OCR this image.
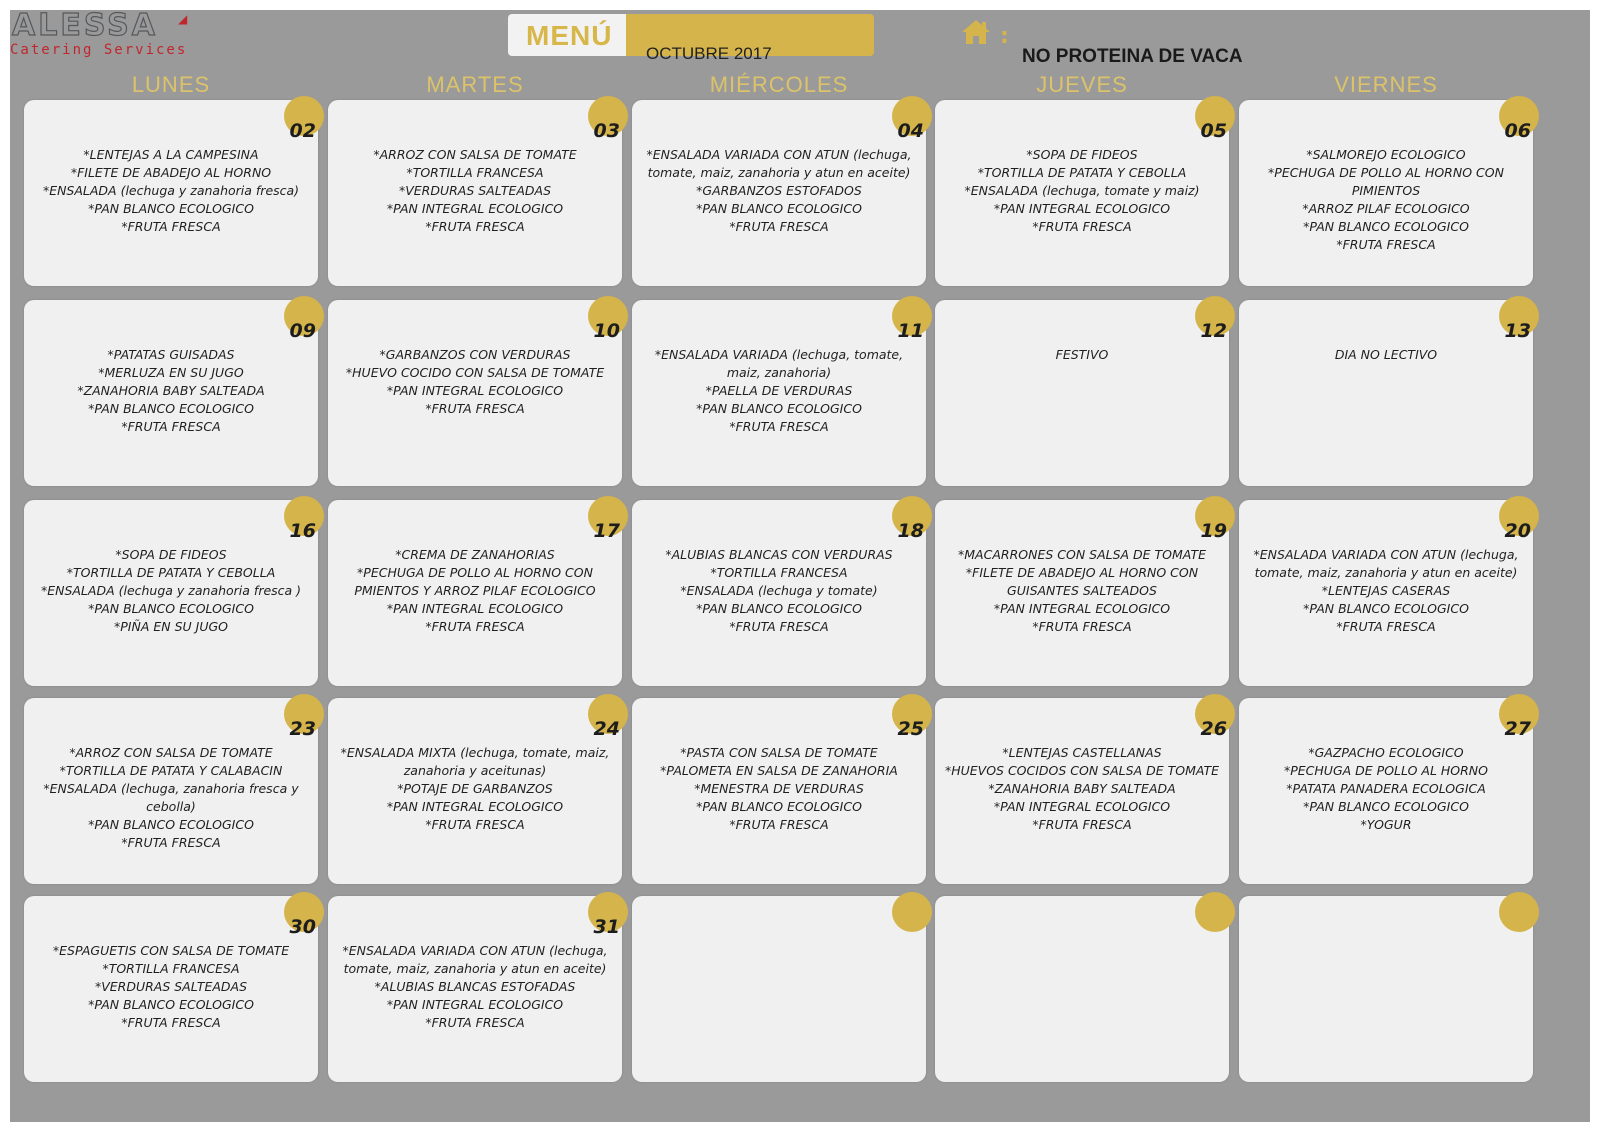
ALESSA ◢
Catering Services	MENÚ
OCTUBRE 2017
:
NO PROTEINA DE VACA
LUNES	MARTES	MIÉRCOLES	JUEVES	VIERNES
02
*LENTEJAS A LA CAMPESINA
*FILETE DE ABADEJO AL HORNO
*ENSALADA (lechuga y zanahoria fresca)
*PAN BLANCO ECOLOGICO
*FRUTA FRESCA
03
*ARROZ CON SALSA DE TOMATE
*TORTILLA FRANCESA
*VERDURAS SALTEADAS
*PAN INTEGRAL ECOLOGICO
*FRUTA FRESCA
04
*ENSALADA VARIADA CON ATUN (lechuga,
tomate, maiz, zanahoria y atun en aceite)
*GARBANZOS ESTOFADOS
*PAN BLANCO ECOLOGICO
*FRUTA FRESCA
05
*SOPA DE FIDEOS
*TORTILLA DE PATATA Y CEBOLLA
*ENSALADA (lechuga, tomate y maiz)
*PAN INTEGRAL ECOLOGICO
*FRUTA FRESCA
06
*SALMOREJO ECOLOGICO
*PECHUGA DE POLLO AL HORNO CON
PIMIENTOS
*ARROZ PILAF ECOLOGICO
*PAN BLANCO ECOLOGICO
*FRUTA FRESCA
09
*PATATAS GUISADAS
*MERLUZA EN SU JUGO
*ZANAHORIA BABY SALTEADA
*PAN BLANCO ECOLOGICO
*FRUTA FRESCA
10
*GARBANZOS CON VERDURAS
*HUEVO COCIDO CON SALSA DE TOMATE
*PAN INTEGRAL ECOLOGICO
*FRUTA FRESCA
11
*ENSALADA VARIADA (lechuga, tomate,
maiz, zanahoria)
*PAELLA DE VERDURAS
*PAN BLANCO ECOLOGICO
*FRUTA FRESCA
12
FESTIVO
13
DIA NO LECTIVO
16
*SOPA DE FIDEOS
*TORTILLA DE PATATA Y CEBOLLA
*ENSALADA (lechuga y zanahoria fresca )
*PAN BLANCO ECOLOGICO
*PIÑA EN SU JUGO
17
*CREMA DE ZANAHORIAS
*PECHUGA DE POLLO AL HORNO CON
PMIENTOS Y ARROZ PILAF ECOLOGICO
*PAN INTEGRAL ECOLOGICO
*FRUTA FRESCA
18
*ALUBIAS BLANCAS CON VERDURAS
*TORTILLA FRANCESA
*ENSALADA (lechuga y tomate)
*PAN BLANCO ECOLOGICO
*FRUTA FRESCA
19
*MACARRONES CON SALSA DE TOMATE
*FILETE DE ABADEJO AL HORNO CON
GUISANTES SALTEADOS
*PAN INTEGRAL ECOLOGICO
*FRUTA FRESCA
20
*ENSALADA VARIADA CON ATUN (lechuga,
tomate, maiz, zanahoria y atun en aceite)
*LENTEJAS CASERAS
*PAN BLANCO ECOLOGICO
*FRUTA FRESCA
23
*ARROZ CON SALSA DE TOMATE
*TORTILLA DE PATATA Y CALABACIN
*ENSALADA (lechuga, zanahoria fresca y
cebolla)
*PAN BLANCO ECOLOGICO
*FRUTA FRESCA
24
*ENSALADA MIXTA (lechuga, tomate, maiz,
zanahoria y aceitunas)
*POTAJE DE GARBANZOS
*PAN INTEGRAL ECOLOGICO
*FRUTA FRESCA
25
*PASTA CON SALSA DE TOMATE
*PALOMETA EN SALSA DE ZANAHORIA
*MENESTRA DE VERDURAS
*PAN BLANCO ECOLOGICO
*FRUTA FRESCA
26
*LENTEJAS CASTELLANAS
*HUEVOS COCIDOS CON SALSA DE TOMATE
*ZANAHORIA BABY SALTEADA
*PAN INTEGRAL ECOLOGICO
*FRUTA FRESCA
27
*GAZPACHO ECOLOGICO
*PECHUGA DE POLLO AL HORNO
*PATATA PANADERA ECOLOGICA
*PAN BLANCO ECOLOGICO
*YOGUR
30
*ESPAGUETIS CON SALSA DE TOMATE
*TORTILLA FRANCESA
*VERDURAS SALTEADAS
*PAN BLANCO ECOLOGICO
*FRUTA FRESCA
31
*ENSALADA VARIADA CON ATUN (lechuga,
tomate, maiz, zanahoria y atun en aceite)
*ALUBIAS BLANCAS ESTOFADAS
*PAN INTEGRAL ECOLOGICO
*FRUTA FRESCA
